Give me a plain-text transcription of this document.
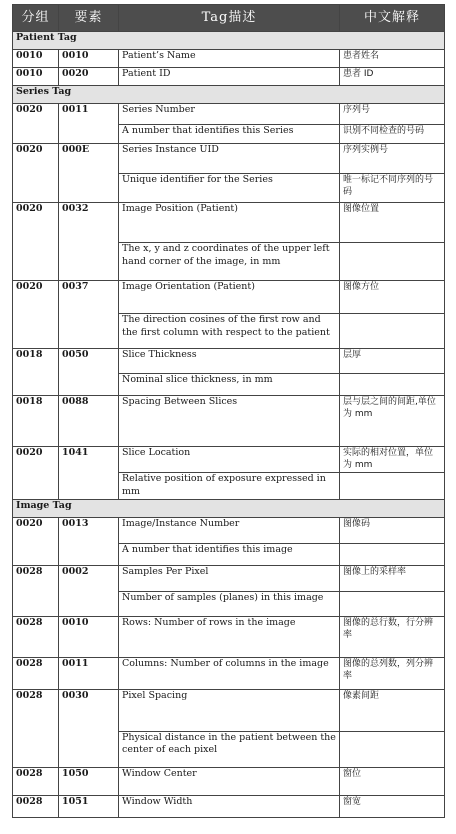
分组	要素	Tag描述	中文解释
Patient Tag			
0010	0010	Patient’s Name	患者姓名
0010	0020	Patient ID	患者 ID
Series Tag			
0020	0011	Series Number	序列号
		A number that identifies this Series	识别不同检查的号码
0020	000E	Series Instance UID	序列实例号
		Unique identifier for the Series	唯一标记不同序列的号码
0020	0032	Image Position (Patient)	图像位置
		The x, y and z coordinates of the upper left hand corner of the image, in mm	
0020	0037	Image Orientation (Patient)	图像方位
		The direction cosines of the first row and the first column with respect to the patient	
0018	0050	Slice Thickness	层厚
		Nominal slice thickness, in mm	
0018	0088	Spacing Between Slices	层与层之间的间距,单位为 mm
0020	1041	Slice Location	实际的相对位置，单位为 mm
		Relative position of exposure expressed in mm	
Image Tag			
0020	0013	Image/Instance Number	图像码
		A number that identifies this image	
0028	0002	Samples Per Pixel	图像上的采样率
		Number of samples (planes) in this image	
0028	0010	Rows: Number of rows in the image	图像的总行数，行分辨率
0028	0011	Columns: Number of columns in the image	图像的总列数，列分辨率
0028	0030	Pixel Spacing	像素间距
		Physical distance in the patient between the center of each pixel	
0028	1050	Window Center	窗位
0028	1051	Window Width	窗宽
